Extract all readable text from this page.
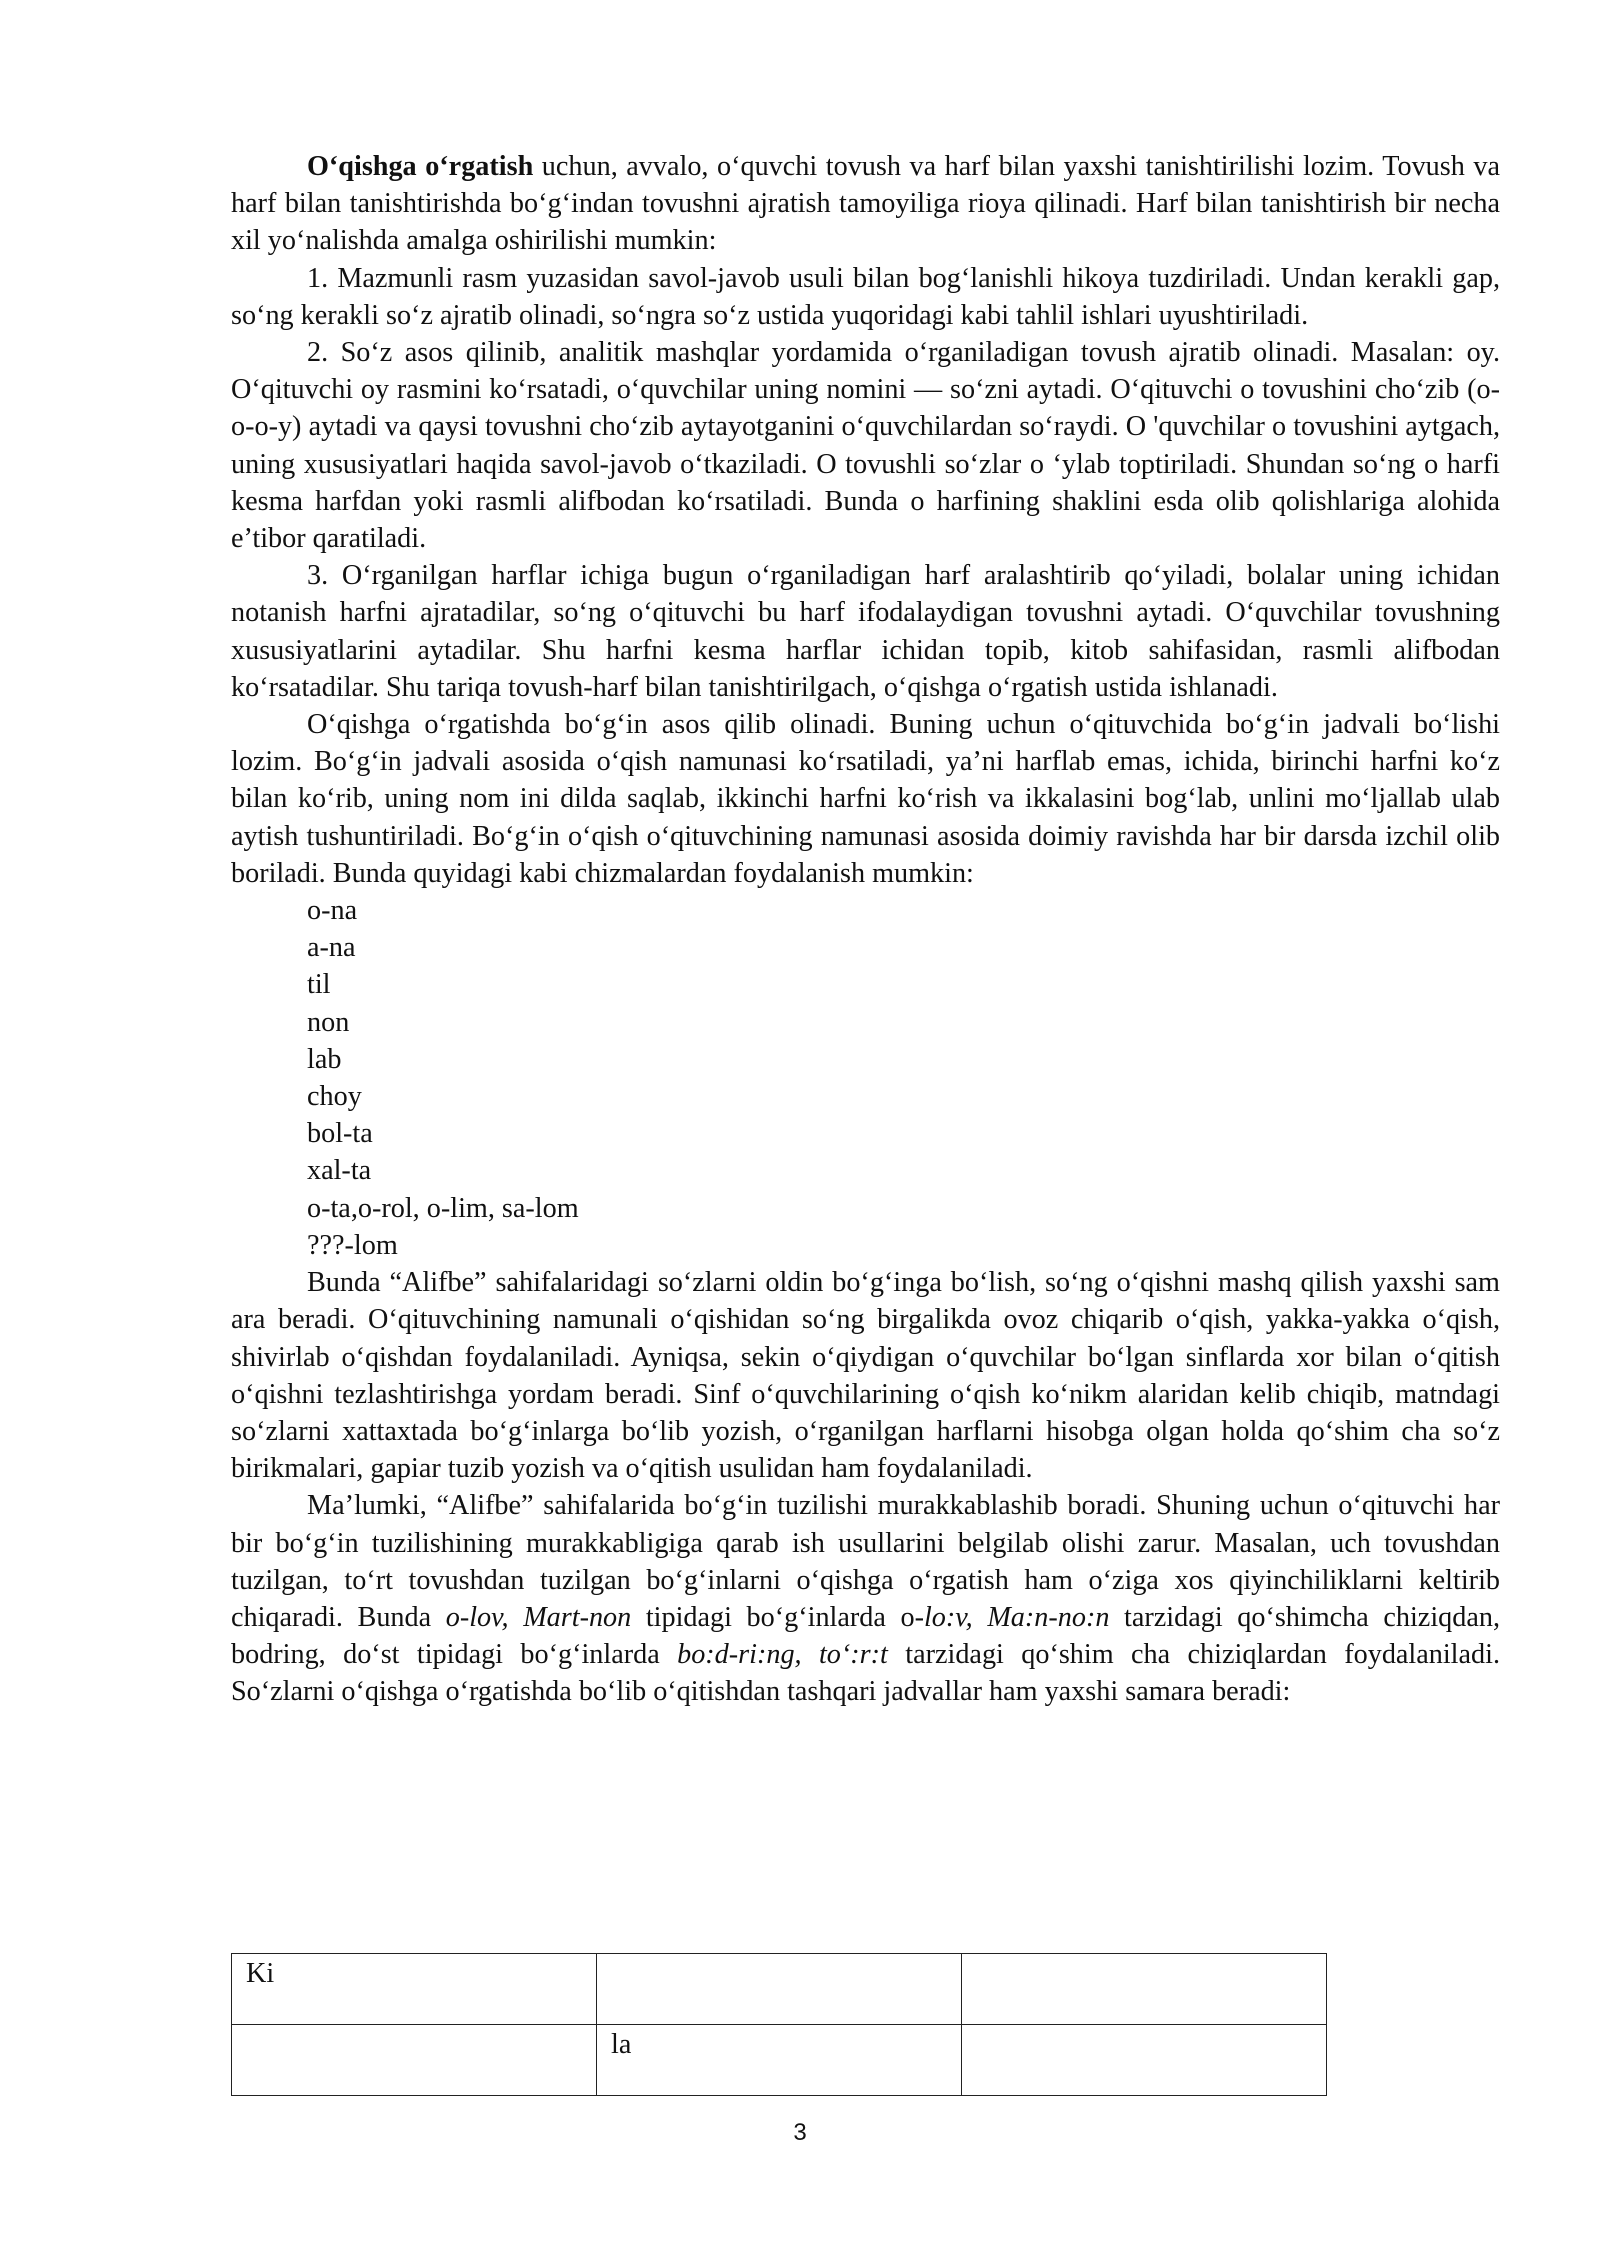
O‘qishga o‘rgatish uchun, avvalo, o‘quvchi tovush va harf bilan yaxshi tanishtirilishi lozim. Tovush va harf bilan tanishtirishda bo‘g‘indan tovushni ajratish tamoyiliga rioya qilinadi. Harf bilan tanishtirish bir necha xil yo‘nalishda amalga oshirilishi mumkin:

1. Mazmunli rasm yuzasidan savol-javob usuli bilan bog‘lanishli hikoya tuzdiriladi. Undan kerakli gap, so‘ng kerakli so‘z ajratib olinadi, so‘ngra so‘z ustida yuqoridagi kabi tahlil ishlari uyushtiriladi.

2. So‘z asos qilinib, analitik mashqlar yordamida o‘rganiladigan tovush ajratib olinadi. Masalan: oy. O‘qituvchi oy rasmini ko‘rsatadi, o‘quvchilar uning nomini — so‘zni aytadi. O‘qituvchi o tovushini cho‘zib (o-o-o-y) aytadi va qaysi tovushni cho‘zib aytayotganini o‘quvchilardan so‘raydi. O 'quvchilar o tovushini aytgach, uning xususiyatlari haqida savol-javob o‘tkaziladi. O tovushli so‘zlar o ‘ylab toptiriladi. Shundan so‘ng o harfi kesma harfdan yoki rasmli alifbodan ko‘rsatiladi. Bunda o harfining shaklini esda olib qolishlariga alohida e’tibor qaratiladi.

3. O‘rganilgan harflar ichiga bugun o‘rganiladigan harf aralashtirib qo‘yiladi, bolalar uning ichidan notanish harfni ajratadilar, so‘ng o‘qituvchi bu harf ifodalaydigan tovushni aytadi. O‘quvchilar tovushning xususiyatlarini aytadilar. Shu harfni kesma harflar ichidan topib, kitob sahifasidan, rasmli alifbodan ko‘rsatadilar. Shu tariqa tovush-harf bilan tanishtirilgach, o‘qishga o‘rgatish ustida ishlanadi.

O‘qishga o‘rgatishda bo‘g‘in asos qilib olinadi. Buning uchun o‘qituvchida bo‘g‘in jadvali bo‘lishi lozim. Bo‘g‘in jadvali asosida o‘qish namunasi ko‘rsatiladi, ya’ni harflab emas, ichida, birinchi harfni ko‘z bilan ko‘rib, uning nom ini dilda saqlab, ikkinchi harfni ko‘rish va ikkalasini bog‘lab, unlini mo‘ljallab ulab aytish tushuntiriladi. Bo‘g‘in o‘qish o‘qituvchining namunasi asosida doimiy ravishda har bir darsda izchil olib boriladi. Bunda quyidagi kabi chizmalardan foydalanish mumkin:

o-na
a-na
til
non
lab
choy
bol-ta
xal-ta
o-ta,o-rol, o-lim, sa-lom
???-lom

Bunda “Alifbe” sahifalaridagi so‘zlarni oldin bo‘g‘inga bo‘lish, so‘ng o‘qishni mashq qilish yaxshi sam ara beradi. O‘qituvchining namunali o‘qishidan so‘ng birgalikda ovoz chiqarib o‘qish, yakka-yakka o‘qish, shivirlab o‘qishdan foydalaniladi. Ayniqsa, sekin o‘qiydigan o‘quvchilar bo‘lgan sinflarda xor bilan o‘qitish o‘qishni tezlashtirishga yordam beradi. Sinf o‘quvchilarining o‘qish ko‘nikm alaridan kelib chiqib, matndagi so‘zlarni xattaxtada bo‘g‘inlarga bo‘lib yozish, o‘rganilgan harflarni hisobga olgan holda qo‘shim cha so‘z birikmalari, gapiar tuzib yozish va o‘qitish usulidan ham foydalaniladi.

Ma’lumki, “Alifbe” sahifalarida bo‘g‘in tuzilishi murakkablashib boradi. Shuning uchun o‘qituvchi har bir bo‘g‘in tuzilishining murakkabligiga qarab ish usullarini belgilab olishi zarur. Masalan, uch tovushdan tuzilgan, to‘rt tovushdan tuzilgan bo‘g‘inlarni o‘qishga o‘rgatish ham o‘ziga xos qiyinchiliklarni keltirib chiqaradi. Bunda o-lov, Mart-non tipidagi bo‘g‘inlarda o-lo:v, Ma:n-no:n tarzidagi qo‘shimcha chiziqdan, bodring, do‘st tipidagi bo‘g‘inlarda bo:d-ri:ng, to‘:r:t tarzidagi qo‘shim cha chiziqlardan foydalaniladi. So‘zlarni o‘qishga o‘rgatishda bo‘lib o‘qitishdan tashqari jadvallar ham yaxshi samara beradi:

Ki		
	la	
3
